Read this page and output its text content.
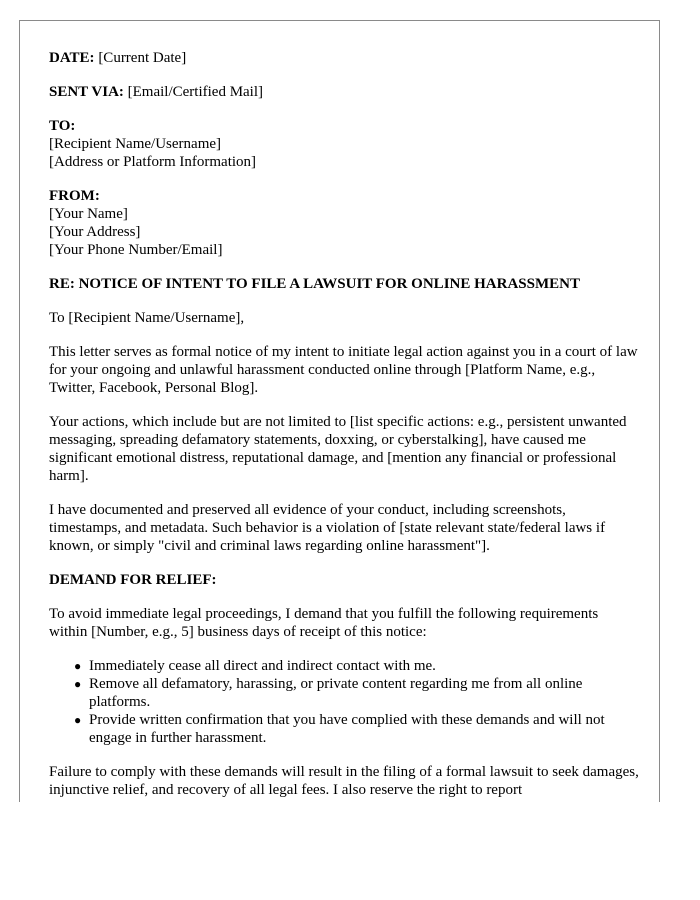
DATE: [Current Date]

SENT VIA: [Email/Certified Mail]

TO:
[Recipient Name/Username]
[Address or Platform Information]

FROM:
[Your Name]
[Your Address]
[Your Phone Number/Email]

RE: NOTICE OF INTENT TO FILE A LAWSUIT FOR ONLINE HARASSMENT

To [Recipient Name/Username],

This letter serves as formal notice of my intent to initiate legal action against you in a court of law for your ongoing and unlawful harassment conducted online through [Platform Name, e.g., Twitter, Facebook, Personal Blog].

Your actions, which include but are not limited to [list specific actions: e.g., persistent unwanted messaging, spreading defamatory statements, doxxing, or cyberstalking], have caused me significant emotional distress, reputational damage, and [mention any financial or professional harm].

I have documented and preserved all evidence of your conduct, including screenshots, timestamps, and metadata. Such behavior is a violation of [state relevant state/federal laws if known, or simply "civil and criminal laws regarding online harassment"].

DEMAND FOR RELIEF:

To avoid immediate legal proceedings, I demand that you fulfill the following requirements within [Number, e.g., 5] business days of receipt of this notice:

● Immediately cease all direct and indirect contact with me.
● Remove all defamatory, harassing, or private content regarding me from all online platforms.
● Provide written confirmation that you have complied with these demands and will not engage in further harassment.

Failure to comply with these demands will result in the filing of a formal lawsuit to seek damages, injunctive relief, and recovery of all legal fees. I also reserve the right to report
